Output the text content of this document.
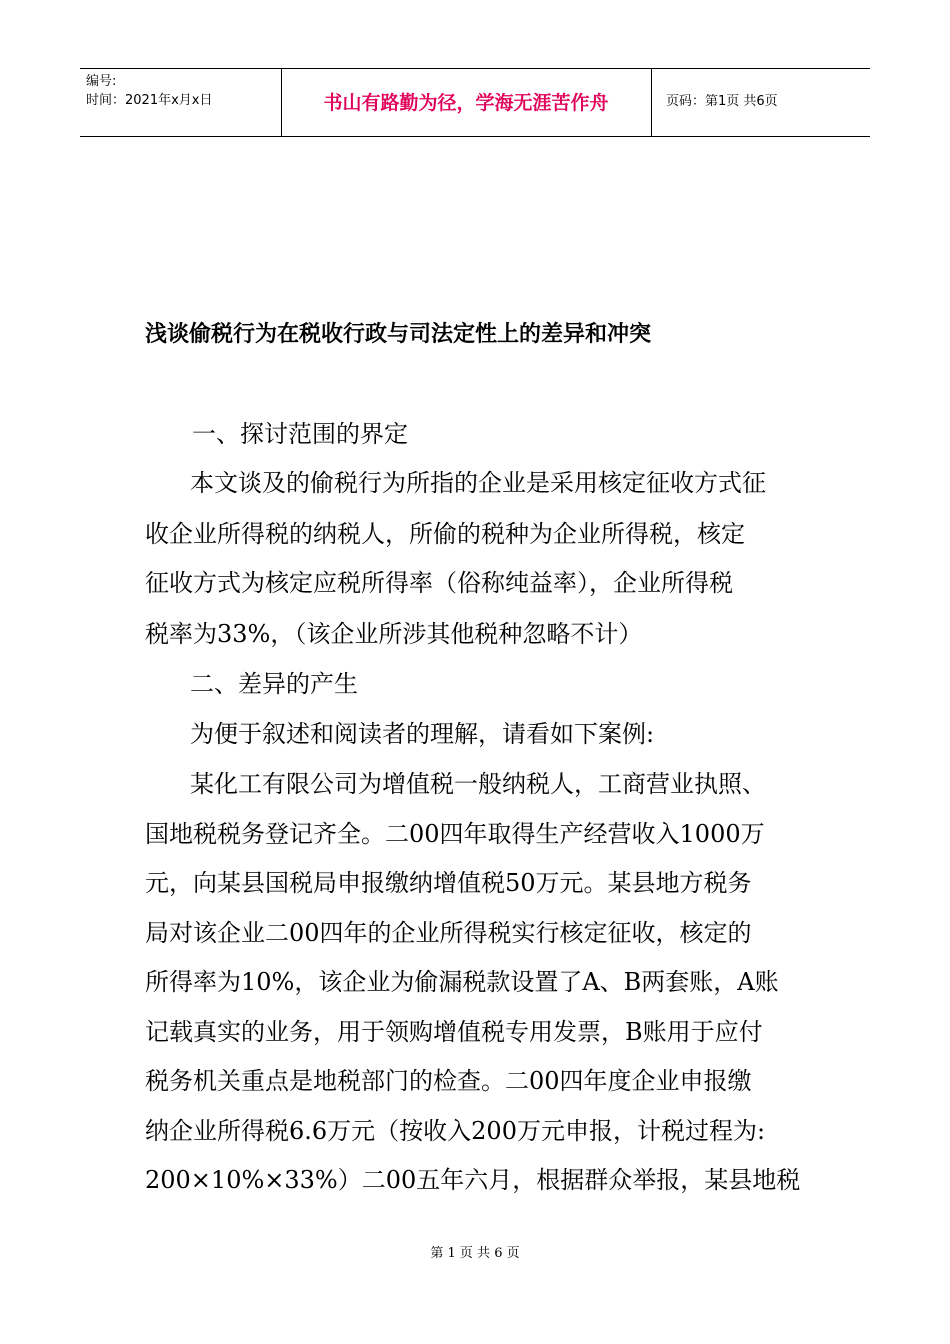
编号:
时间：2021年x月x日	书山有路勤为径，学海无涯苦作舟	页码：第1页 共6页
浅谈偷税行为在税收行政与司法定性上的差异和冲突
一、探讨范围的界定
本文谈及的偷税行为所指的企业是采用核定征收方式征
收企业所得税的纳税人，所偷的税种为企业所得税，核定
征收方式为核定应税所得率（俗称纯益率），企业所得税
税率为33%，（该企业所涉其他税种忽略不计）
二、差异的产生
为便于叙述和阅读者的理解，请看如下案例:
某化工有限公司为增值税一般纳税人，工商营业执照、
国地税税务登记齐全。二00四年取得生产经营收入1000万
元，向某县国税局申报缴纳增值税50万元。某县地方税务
局对该企业二00四年的企业所得税实行核定征收，核定的
所得率为10%，该企业为偷漏税款设置了A、B两套账，A账
记载真实的业务，用于领购增值税专用发票，B账用于应付
税务机关重点是地税部门的检查。二00四年度企业申报缴
纳企业所得税6.6万元（按收入200万元申报，计税过程为:
200×10%×33%）二00五年六月，根据群众举报，某县地税
第 1 页 共 6 页
